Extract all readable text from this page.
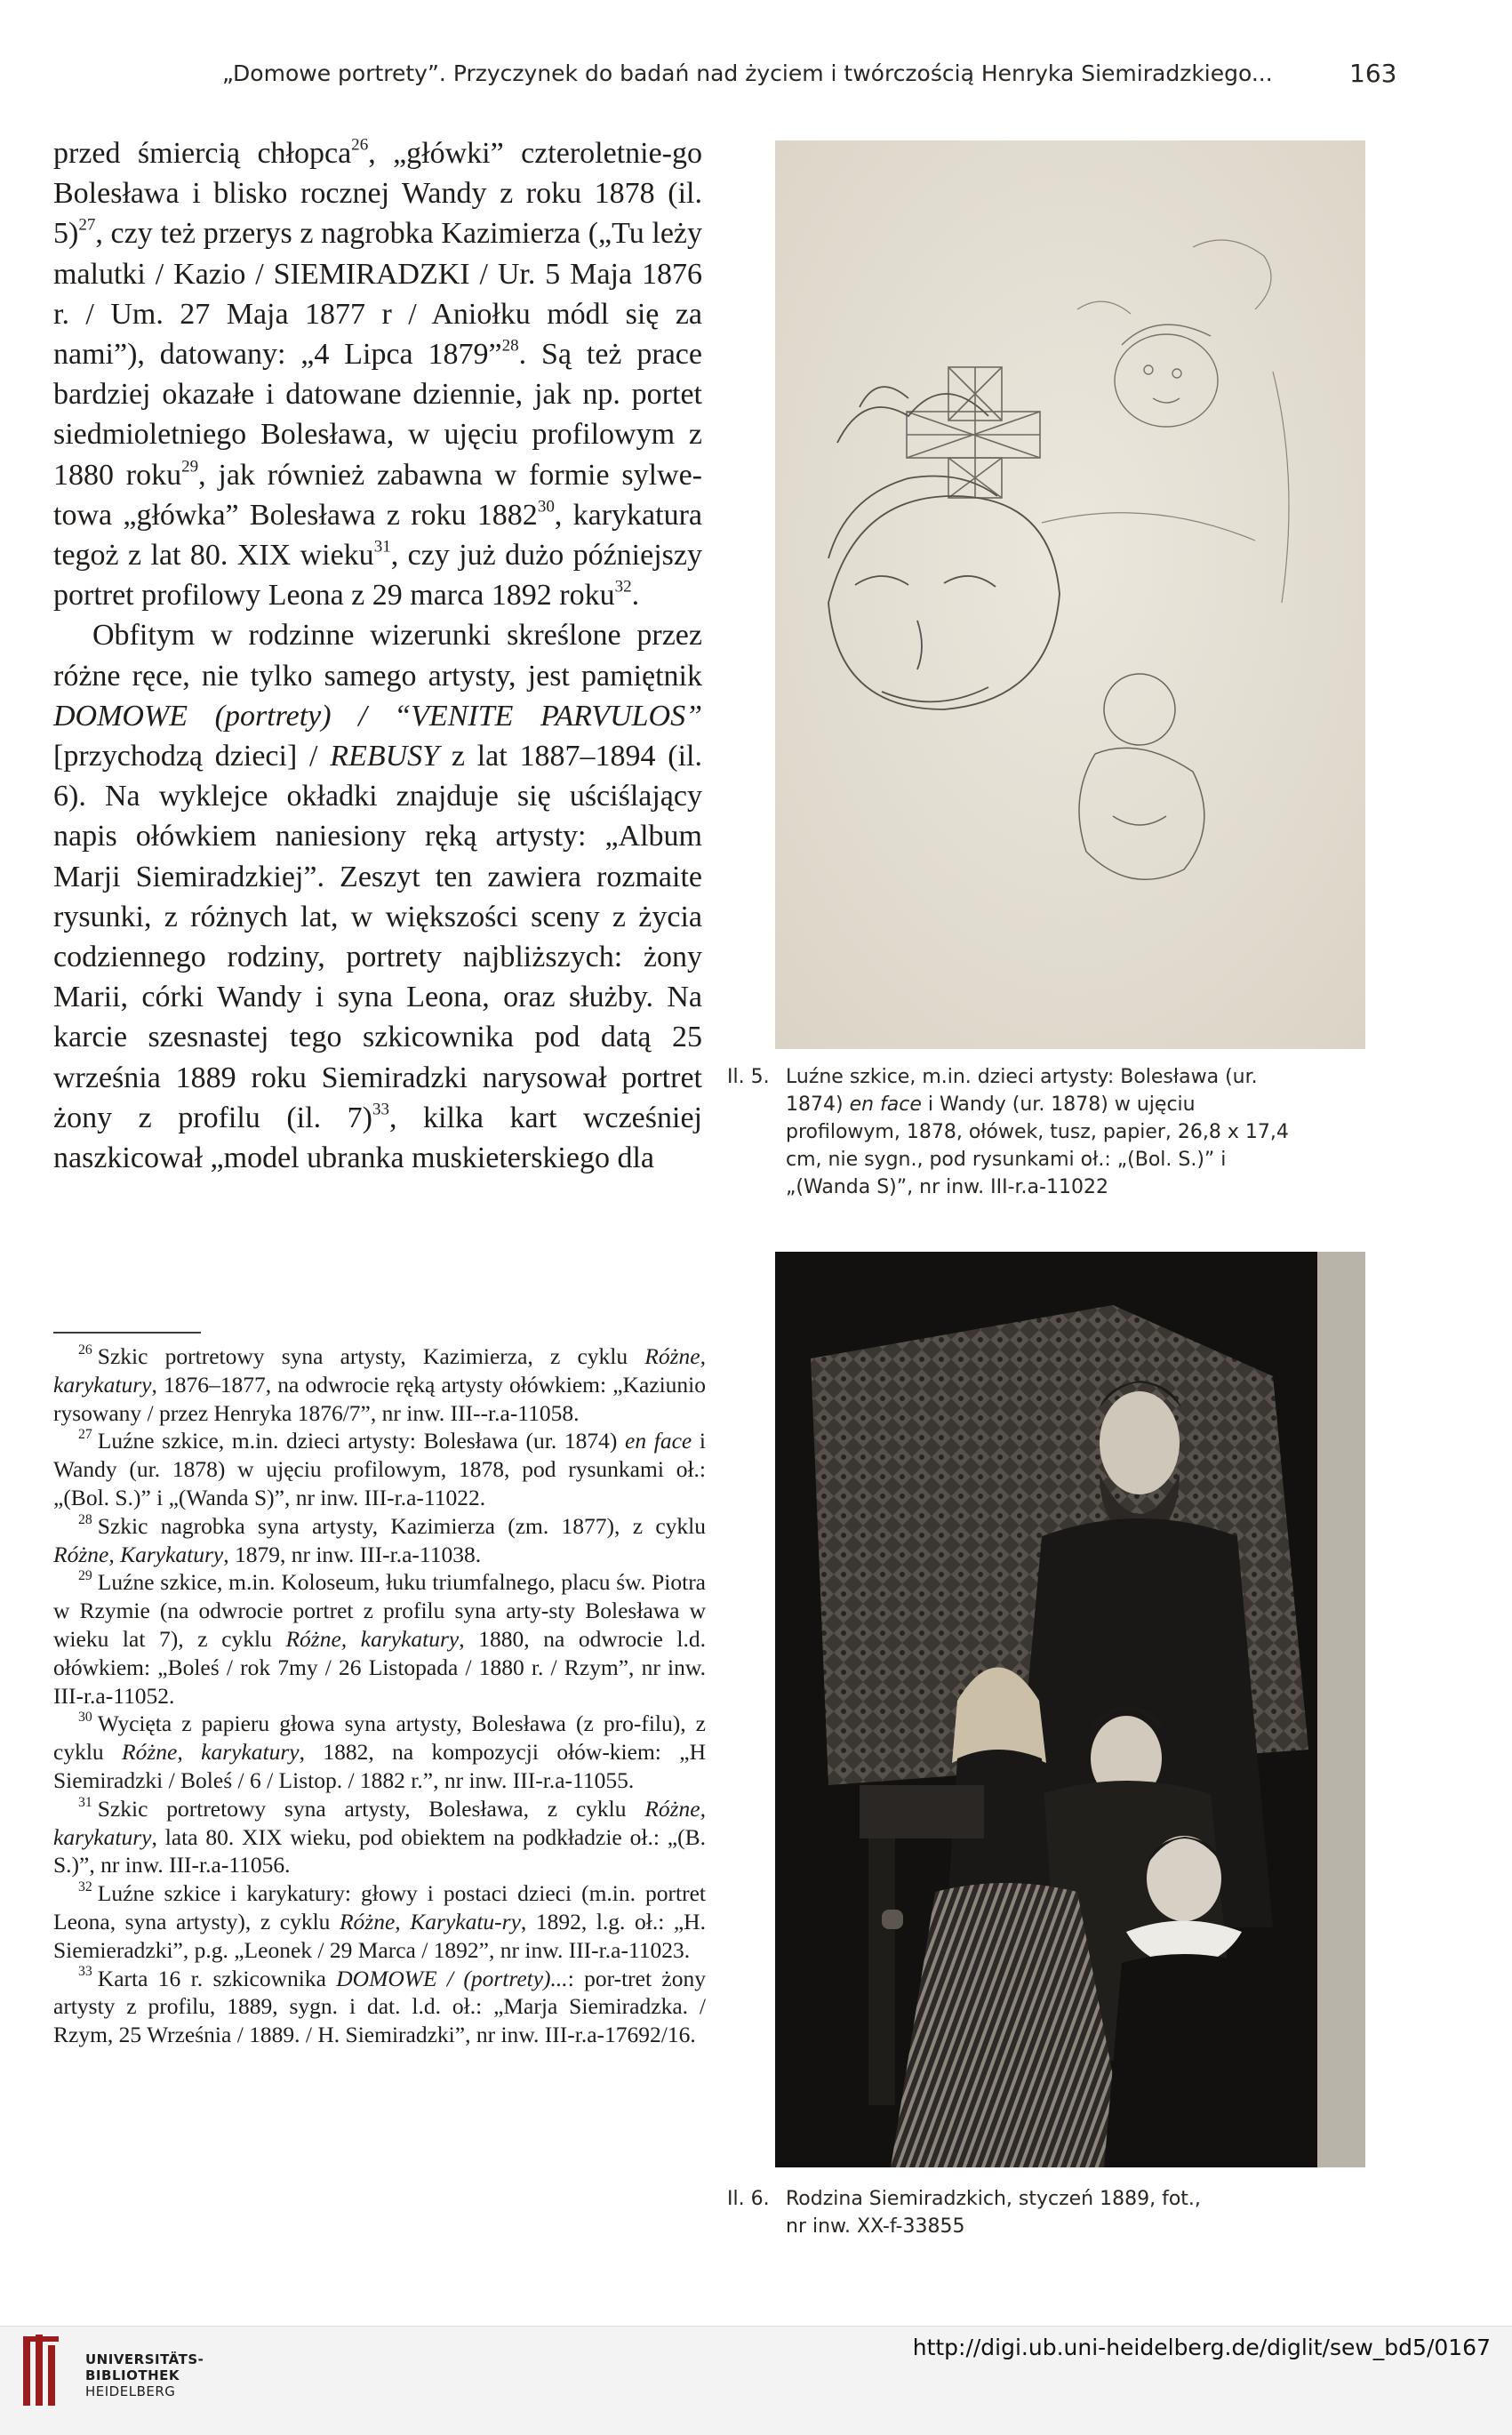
„Domowe portrety”. Przyczynek do badań nad życiem i twórczością Henryka Siemiradzkiego...	163

przed śmiercią chłopca$^{26}$, „główki” czteroletnie-go Bolesława i blisko rocznej Wandy z roku 1878 (il. 5)$^{27}$, czy też przerys z nagrobka Kazimierza („Tu leży malutki / Kazio / SIEMIRADZKI / Ur. 5 Maja 1876 r. / Um. 27 Maja 1877 r / Aniołku módl się za nami”), datowany: „4 Lipca 1879”$^{28}$. Są też prace bardziej okazałe i datowane dziennie, jak np. portet siedmioletniego Bolesława, w ujęciu profilowym z 1880 roku$^{29}$, jak również zabawna w formie sylwe-towa „główka” Bolesława z roku 1882$^{30}$, karykatura tegoż z lat 80. XIX wieku$^{31}$, czy już dużo późniejszy portret profilowy Leona z 29 marca 1892 roku$^{32}$.

Obfitym w rodzinne wizerunki skreślone przez różne ręce, nie tylko samego artysty, jest pamiętnik DOMOWE (portrety) / “VENITE PARVULOS” [przychodzą dzieci] / REBUSY z lat 1887–1894 (il. 6). Na wyklejce okładki znajduje się uściślający napis ołówkiem naniesiony ręką artysty: „Album Marji Siemiradzkiej”. Zeszyt ten zawiera rozmaite rysunki, z różnych lat, w większości sceny z życia codziennego rodziny, portrety najbliższych: żony Marii, córki Wandy i syna Leona, oraz służby. Na karcie szesnastej tego szkicownika pod datą 25 września 1889 roku Siemiradzki narysował portret żony z profilu (il. 7)$^{33}$, kilka kart wcześniej naszkicował „model ubranka muskieterskiego dla

$^{26}$ Szkic portretowy syna artysty, Kazimierza, z cyklu Różne, karykatury, 1876–1877, na odwrocie ręką artysty ołówkiem: „Kaziunio rysowany / przez Henryka 1876/7”, nr inw. III--r.a-11058.

$^{27}$ Luźne szkice, m.in. dzieci artysty: Bolesława (ur. 1874) en face i Wandy (ur. 1878) w ujęciu profilowym, 1878, pod rysunkami oł.: „(Bol. S.)” i „(Wanda S)”, nr inw. III-r.a-11022.

$^{28}$ Szkic nagrobka syna artysty, Kazimierza (zm. 1877), z cyklu Różne, Karykatury, 1879, nr inw. III-r.a-11038.

$^{29}$ Luźne szkice, m.in. Koloseum, łuku triumfalnego, placu św. Piotra w Rzymie (na odwrocie portret z profilu syna arty-sty Bolesława w wieku lat 7), z cyklu Różne, karykatury, 1880, na odwrocie l.d. ołówkiem: „Boleś / rok 7my / 26 Listopada / 1880 r. / Rzym”, nr inw. III-r.a-11052.

$^{30}$ Wycięta z papieru głowa syna artysty, Bolesława (z pro-filu), z cyklu Różne, karykatury, 1882, na kompozycji ołów-kiem: „H Siemiradzki / Boleś / 6 / Listop. / 1882 r.”, nr inw. III-r.a-11055.

$^{31}$ Szkic portretowy syna artysty, Bolesława, z cyklu Różne, karykatury, lata 80. XIX wieku, pod obiektem na podkładzie oł.: „(B. S.)”, nr inw. III-r.a-11056.

$^{32}$ Luźne szkice i karykatury: głowy i postaci dzieci (m.in. portret Leona, syna artysty), z cyklu Różne, Karykatu-ry, 1892, l.g. oł.: „H. Siemieradzki”, p.g. „Leonek / 29 Marca / 1892”, nr inw. III-r.a-11023.

$^{33}$ Karta 16 r. szkicownika DOMOWE / (portrety)...: por-tret żony artysty z profilu, 1889, sygn. i dat. l.d. oł.: „Marja Siemiradzka. / Rzym, 25 Września / 1889. / H. Siemiradzki”, nr inw. III-r.a-17692/16.

Il. 5. Luźne szkice, m.in. dzieci artysty: Bolesława (ur. 1874) en face i Wandy (ur. 1878) w ujęciu profilowym, 1878, ołówek, tusz, papier, 26,8 x 17,4 cm, nie sygn., pod rysunkami oł.: „(Bol. S.)” i „(Wanda S)”, nr inw. III-r.a-11022
Il. 6. Rodzina Siemiradzkich, styczeń 1889, fot., nr inw. XX-f-33855
UNIVERSITÄTS-
BIBLIOTHEK
HEIDELBERG
http://digi.ub.uni-heidelberg.de/diglit/sew_bd5/0167
